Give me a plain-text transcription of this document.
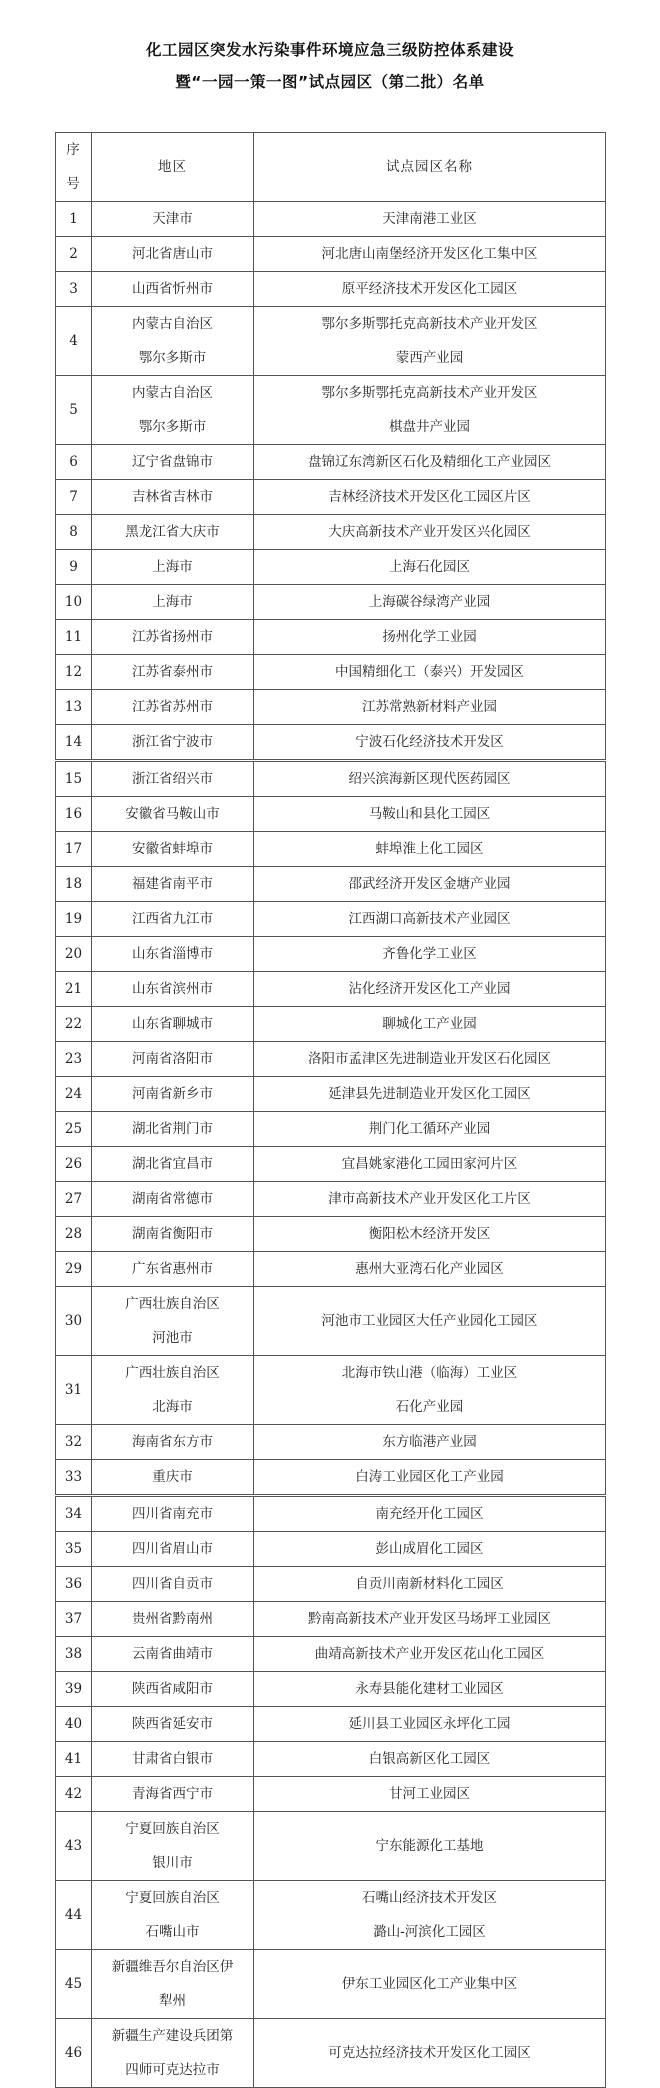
化工园区突发水污染事件环境应急三级防控体系建设
暨“一园一策一图”试点园区（第二批）名单
序号	地区	试点园区名称
1	天津市	天津南港工业区

2	河北省唐山市	河北唐山南堡经济开发区化工集中区

3	山西省忻州市	原平经济技术开发区化工园区

4	内蒙古自治区
鄂尔多斯市	鄂尔多斯鄂托克高新技术产业开发区
蒙西产业园

5	内蒙古自治区
鄂尔多斯市	鄂尔多斯鄂托克高新技术产业开发区
棋盘井产业园

6	辽宁省盘锦市	盘锦辽东湾新区石化及精细化工产业园区

7	吉林省吉林市	吉林经济技术开发区化工园区片区

8	黑龙江省大庆市	大庆高新技术产业开发区兴化园区

9	上海市	上海石化园区

10	上海市	上海碳谷绿湾产业园

11	江苏省扬州市	扬州化学工业园

12	江苏省泰州市	中国精细化工（泰兴）开发园区

13	江苏省苏州市	江苏常熟新材料产业园

14	浙江省宁波市	宁波石化经济技术开发区

15	浙江省绍兴市	绍兴滨海新区现代医药园区

16	安徽省马鞍山市	马鞍山和县化工园区

17	安徽省蚌埠市	蚌埠淮上化工园区

18	福建省南平市	邵武经济开发区金塘产业园

19	江西省九江市	江西湖口高新技术产业园区

20	山东省淄博市	齐鲁化学工业区

21	山东省滨州市	沾化经济开发区化工产业园

22	山东省聊城市	聊城化工产业园

23	河南省洛阳市	洛阳市孟津区先进制造业开发区石化园区

24	河南省新乡市	延津县先进制造业开发区化工园区

25	湖北省荆门市	荆门化工循环产业园

26	湖北省宜昌市	宜昌姚家港化工园田家河片区

27	湖南省常德市	津市高新技术产业开发区化工片区

28	湖南省衡阳市	衡阳松木经济开发区

29	广东省惠州市	惠州大亚湾石化产业园区

30	广西壮族自治区
河池市	河池市工业园区大任产业园化工园区

31	广西壮族自治区
北海市	北海市铁山港（临海）工业区
石化产业园

32	海南省东方市	东方临港产业园

33	重庆市	白涛工业园区化工产业园

34	四川省南充市	南充经开化工园区

35	四川省眉山市	彭山成眉化工园区

36	四川省自贡市	自贡川南新材料化工园区

37	贵州省黔南州	黔南高新技术产业开发区马场坪工业园区

38	云南省曲靖市	曲靖高新技术产业开发区花山化工园区

39	陕西省咸阳市	永寿县能化建材工业园区

40	陕西省延安市	延川县工业园区永坪化工园

41	甘肃省白银市	白银高新区化工园区

42	青海省西宁市	甘河工业园区

43	宁夏回族自治区
银川市	宁东能源化工基地

44	宁夏回族自治区
石嘴山市	石嘴山经济技术开发区
潞山-河滨化工园区

45	新疆维吾尔自治区伊
犁州	伊东工业园区化工产业集中区

46	新疆生产建设兵团第
四师可克达拉市	可克达拉经济技术开发区化工园区
